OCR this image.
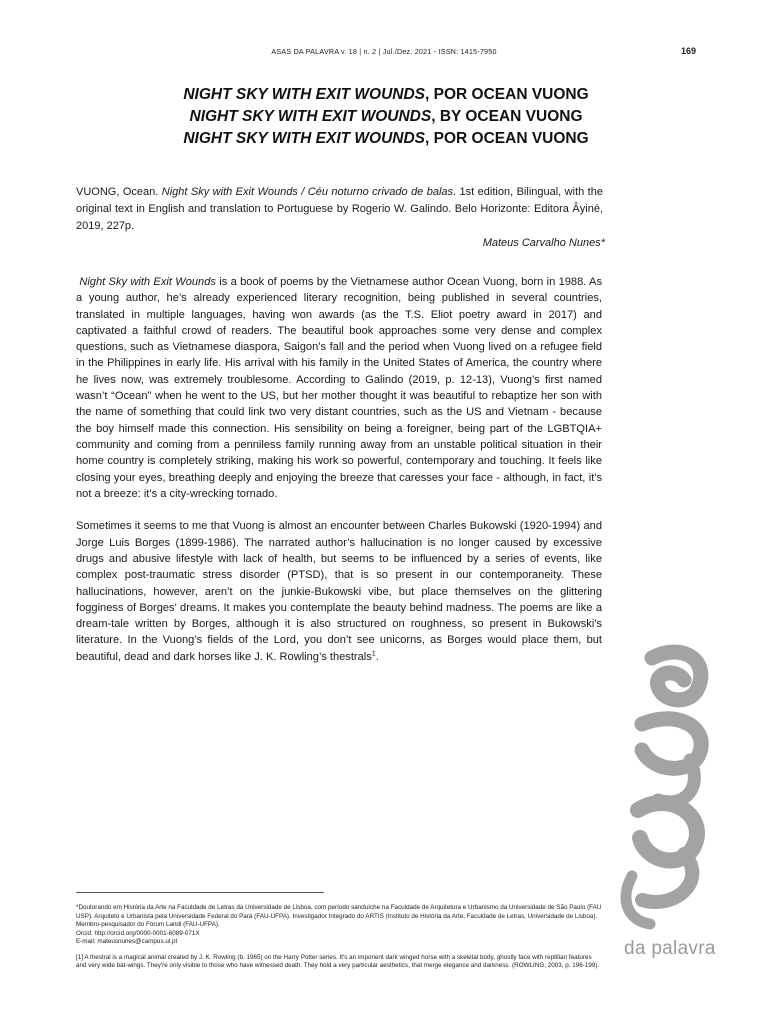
ASAS DA PALAVRA v. 18 | n. 2 | Jul./Dez. 2021 - ISSN: 1415-7950	169
NIGHT SKY WITH EXIT WOUNDS, POR OCEAN VUONG
NIGHT SKY WITH EXIT WOUNDS, BY OCEAN VUONG
NIGHT SKY WITH EXIT WOUNDS, POR OCEAN VUONG
VUONG, Ocean. Night Sky with Exit Wounds / Céu noturno crivado de balas. 1st edition, Bilingual, with the original text in English and translation to Portuguese by Rogerio W. Galindo. Belo Horizonte: Editora Âyiné, 2019, 227p.
Mateus Carvalho Nunes*

Night Sky with Exit Wounds is a book of poems by the Vietnamese author Ocean Vuong, born in 1988. As a young author, he’s already experienced literary recognition, being published in several countries, translated in multiple languages, having won awards (as the T.S. Eliot poetry award in 2017) and captivated a faithful crowd of readers. The beautiful book approaches some very dense and complex questions, such as Vietnamese diaspora, Saigon’s fall and the period when Vuong lived on a refugee field in the Philippines in early life. His arrival with his family in the United States of America, the country where he lives now, was extremely troublesome. According to Galindo (2019, p. 12-13), Vuong’s first named wasn’t “Ocean" when he went to the US, but her mother thought it was beautiful to rebaptize her son with the name of something that could link two very distant countries, such as the US and Vietnam - because the boy himself made this connection. His sensibility on being a foreigner, being part of the LGBTQIA+ community and coming from a penniless family running away from an unstable political situation in their home country is completely striking, making his work so powerful, contemporary and touching. It feels like closing your eyes, breathing deeply and enjoying the breeze that caresses your face - although, in fact, it's not a breeze: it’s a city-wrecking tornado.

Sometimes it seems to me that Vuong is almost an encounter between Charles Bukowski (1920-1994) and Jorge Luis Borges (1899-1986). The narrated author’s hallucination is no longer caused by excessive drugs and abusive lifestyle with lack of health, but seems to be influenced by a series of events, like complex post-traumatic stress disorder (PTSD), that is so present in our contemporaneity. These hallucinations, however, aren’t on the junkie-Bukowski vibe, but place themselves on the glittering fogginess of Borges' dreams. It makes you contemplate the beauty behind madness. The poems are like a dream-tale written by Borges, although it is also structured on roughness, so present in Bukowski's literature. In the Vuong’s fields of the Lord, you don’t see unicorns, as Borges would place them, but beautiful, dead and dark horses like J. K. Rowling’s thestrals$^1$.

da palavra
*Doutorando em História da Arte na Faculdade de Letras da Universidade de Lisboa, com período sanduíche na Faculdade de Arquitetura e Urbanismo da Universidade de São Paulo (FAU USP). Arquiteto e Urbanista pela Universidade Federal do Pará (FAU-UFPA). Investigador Integrado do ARTIS (Instituto de História da Arte, Faculdade de Letras, Universidade de Lisboa). Membro-pesquisador do Fórum Landi (FAU-UFPA).
Orcid: http://orcid.org/0000-0001-6089-071X
E-mail: mateusnunes@campus.ul.pt
[1] A thestral is a magical animal created by J. K. Rowling (b. 1965) on the Harry Potter series. It's an imponent dark winged horse with a skeletal body, ghostly face with reptilian features and very wide bat-wings. They're only visible to those who have witnessed death. They hold a very particular aesthetics, that merge elegance and darkness. (ROWLING, 2003, p. 196-199).
